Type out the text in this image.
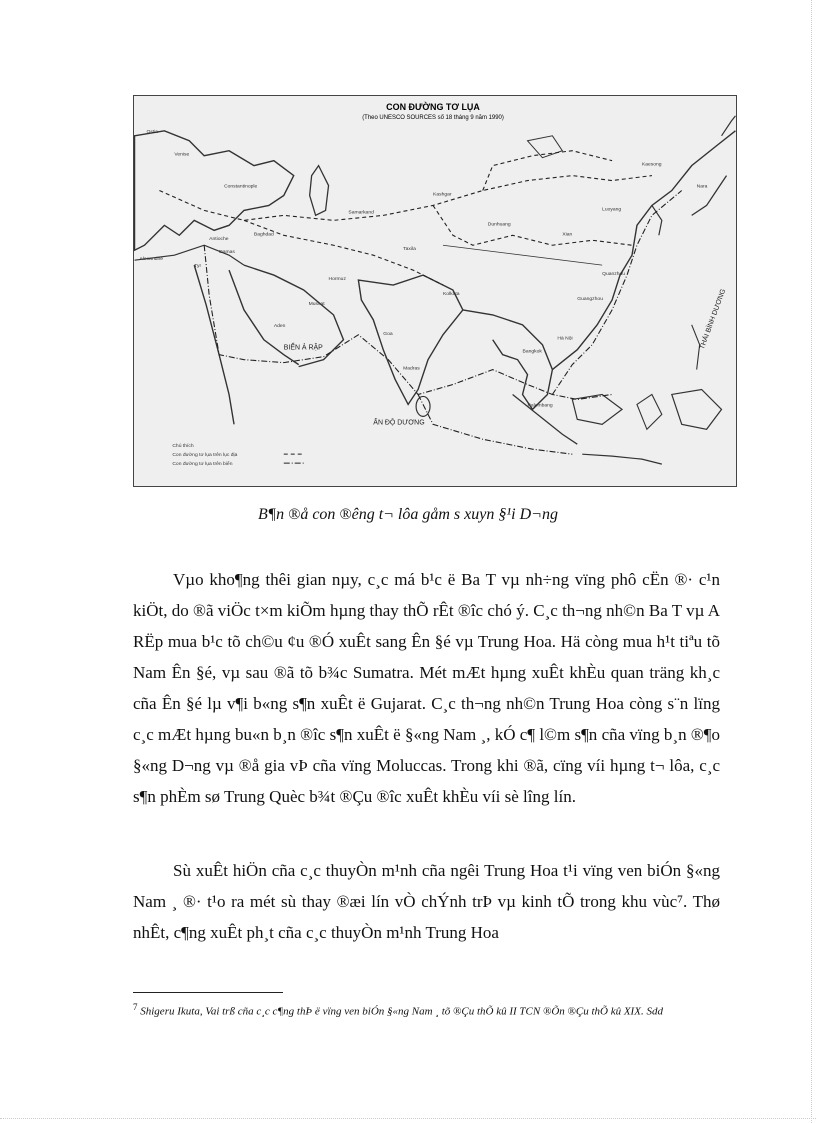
CON ĐƯỜNG TƠ LỤA
(Theo UNESCO SOURCES số 18 tháng 9 năm 1990)
BIỂN Ả RẬP
ẤN ĐỘ DƯƠNG
THÁI BÌNH DƯƠNG
Ostia
Venise
Constantinople
Antioche
Alexandrie
Baghdad
Tyr
Damas
Samarkand
Kashgar
Dunhuang
Xian
Luoyang
Kaesong
Nara
Taxila
Kolkata
Goa
Madras
Bangkok
Hà Nội
Guangzhou
Quanzhou
Palembang
Muscat
Hormuz
Aden
Chú thích
Con đường tơ lụa trên lục địa
Con đường tơ lụa trên biển
B¶n ®å con ®êng t¬ lôa gåm s xuyn §¹i D¬ng

Vµo kho¶ng thêi gian nµy, c¸c má b¹c ë Ba T vµ nh÷ng vïng phô cËn ®· c¹n kiÖt, do ®ã viÖc t×m kiÕm hµng thay thÕ rÊt ®îc chó ý. C¸c th¬ng nh©n Ba T vµ A RËp mua b¹c tõ ch©u ¢u ®Ó xuÊt sang Ên §é vµ Trung Hoa. Hä còng mua h¹t tiªu tõ Nam Ên §é, vµ sau ®ã tõ b¾c Sumatra. Mét mÆt hµng xuÊt khÈu quan träng kh¸c cña Ên §é lµ v¶i b«ng s¶n xuÊt ë Gujarat. C¸c th¬ng nh©n Trung Hoa còng s¨n lïng c¸c mÆt hµng bu«n b¸n ®îc s¶n xuÊt ë §«ng Nam ¸, kÓ c¶ l©m s¶n cña vïng b¸n ®¶o §«ng D¬ng vµ ®å gia vÞ cña vïng Moluccas. Trong khi ®ã, cïng víi hµng t¬ lôa, c¸c s¶n phÈm sø Trung Quèc b¾t ®Çu ®îc xuÊt khÈu víi sè lîng lín.

Sù xuÊt hiÖn cña c¸c thuyÒn m¹nh cña ngêi Trung Hoa t¹i vïng ven biÓn §«ng Nam ¸ ®· t¹o ra mét sù thay ®æi lín vÒ chÝnh trÞ vµ kinh tÕ trong khu vùc⁷. Thø nhÊt, c¶ng xuÊt ph¸t cña c¸c thuyÒn m¹nh Trung Hoa

$^7$ Shigeru Ikuta, Vai trß cña c¸c c¶ng thÞ ë vïng ven biÓn §«ng Nam ¸ tõ ®Çu thÕ kû II TCN ®Õn ®Çu thÕ kû XIX. Sdd
